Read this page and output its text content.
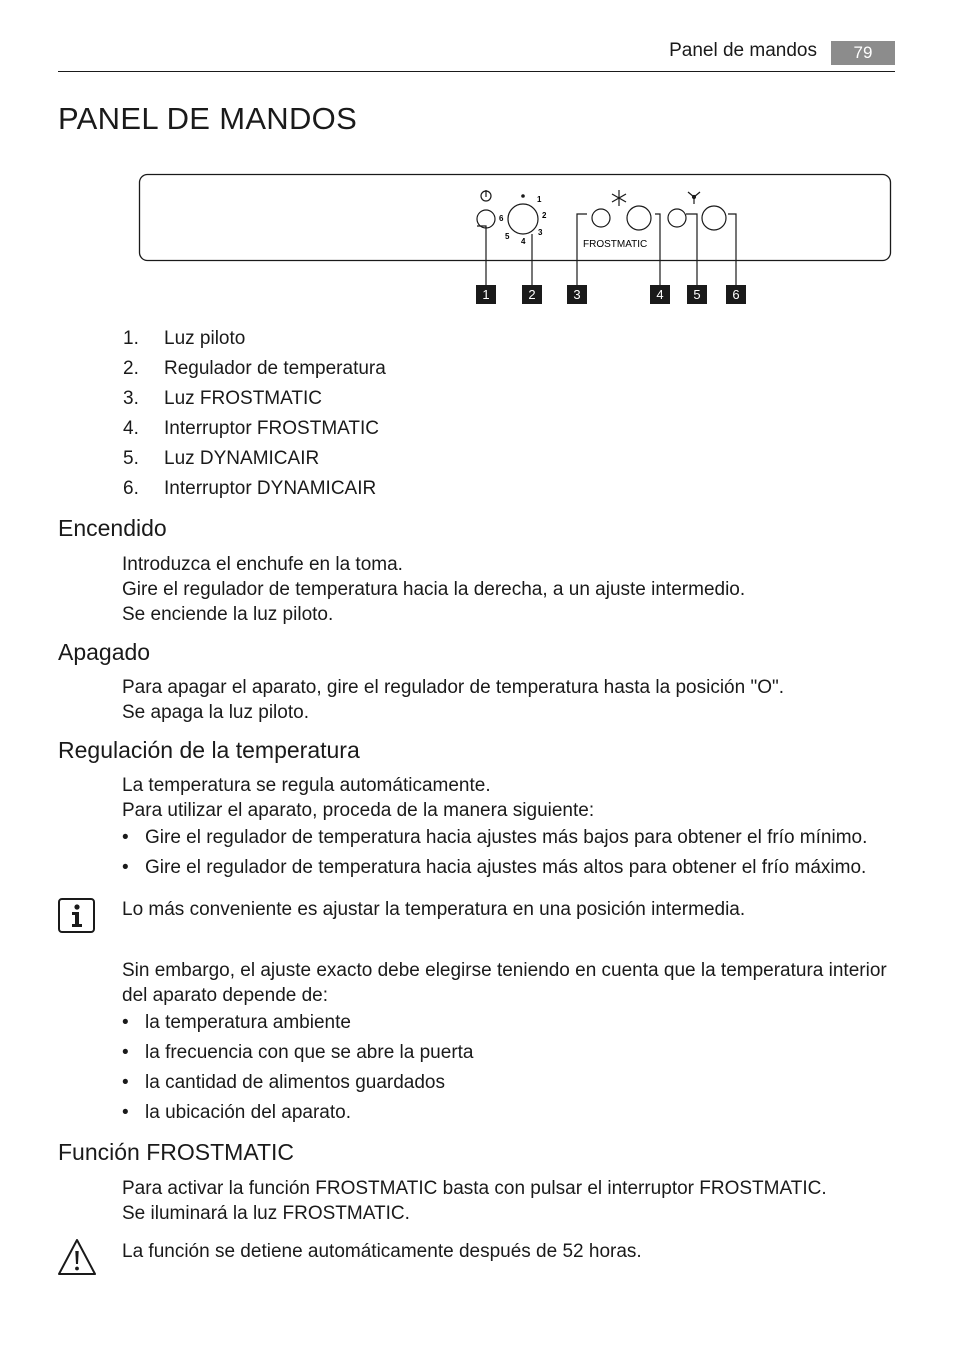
Panel de mandos	79
PANEL DE MANDOS
1
2
3
4
5
6
FROSTMATIC
1	2	3	4 5 6
1.	Luz piloto
2.	Regulador de temperatura
3.	Luz FROSTMATIC
4.	Interruptor FROSTMATIC
5.	Luz DYNAMICAIR
6.	Interruptor DYNAMICAIR
Encendido
Introduzca el enchufe en la toma.
Gire el regulador de temperatura hacia la derecha, a un ajuste intermedio.
Se enciende la luz piloto.
Apagado
Para apagar el aparato, gire el regulador de temperatura hasta la posición "O".
Se apaga la luz piloto.
Regulación de la temperatura
La temperatura se regula automáticamente.
Para utilizar el aparato, proceda de la manera siguiente:
• Gire el regulador de temperatura hacia ajustes más bajos para obtener el frío mínimo.
• Gire el regulador de temperatura hacia ajustes más altos para obtener el frío máximo.
Lo más conveniente es ajustar la temperatura en una posición intermedia.
Sin embargo, el ajuste exacto debe elegirse teniendo en cuenta que la temperatura interior
del aparato depende de:
• la temperatura ambiente
• la frecuencia con que se abre la puerta
• la cantidad de alimentos guardados
• la ubicación del aparato.
Función FROSTMATIC
Para activar la función FROSTMATIC basta con pulsar el interruptor FROSTMATIC.
Se iluminará la luz FROSTMATIC.
La función se detiene automáticamente después de 52 horas.
